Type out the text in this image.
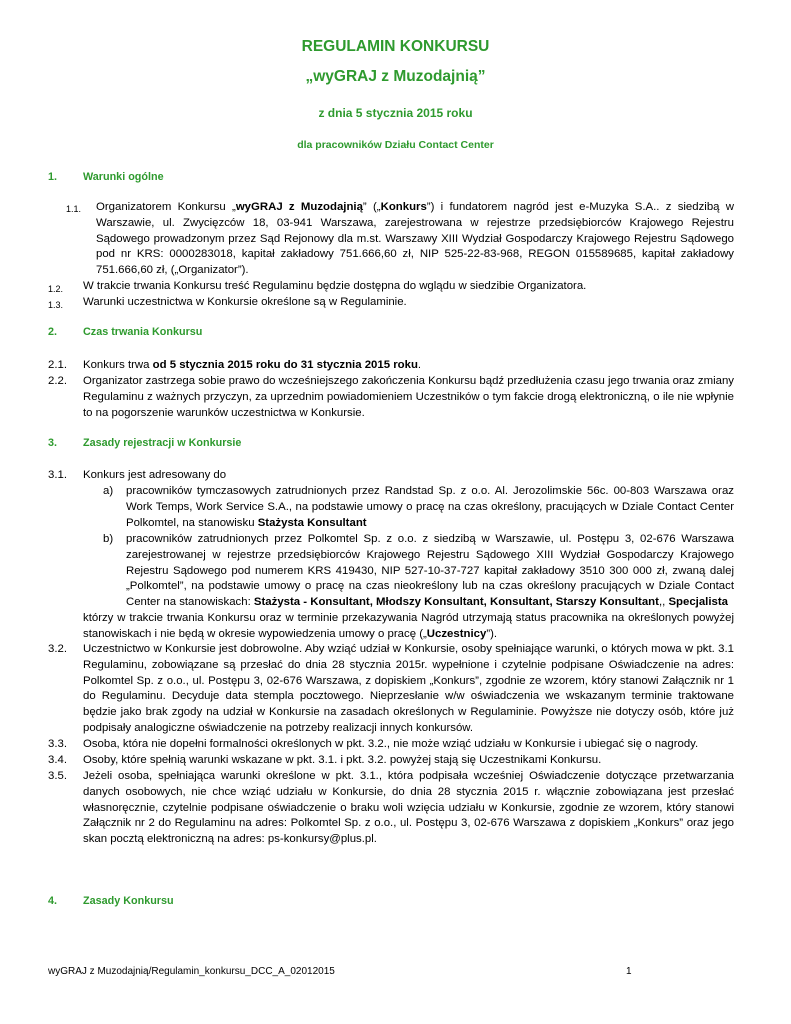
REGULAMIN KONKURSU
„wyGRAJ z Muzodajnią”
z dnia 5 stycznia 2015 roku
dla pracowników Działu Contact Center
1. Warunki ogólne
1.1. Organizatorem Konkursu „wyGRAJ z Muzodajnią” („Konkurs”) i fundatorem nagród jest e-Muzyka S.A.. z siedzibą w Warszawie, ul. Zwycięzców 18, 03-941 Warszawa, zarejestrowana w rejestrze przedsiębiorców Krajowego Rejestru Sądowego prowadzonym przez Sąd Rejonowy dla m.st. Warszawy XIII Wydział Gospodarczy Krajowego Rejestru Sądowego pod nr KRS: 0000283018, kapitał zakładowy 751.666,60 zł, NIP 525-22-83-968, REGON 015589685, kapitał zakładowy 751.666,60 zł, („Organizator”).
1.2. W trakcie trwania Konkursu treść Regulaminu będzie dostępna do wglądu w siedzibie Organizatora.
1.3. Warunki uczestnictwa w Konkursie określone są w Regulaminie.
2. Czas trwania Konkursu
2.1. Konkurs trwa od 5 stycznia 2015 roku do 31 stycznia 2015 roku.
2.2. Organizator zastrzega sobie prawo do wcześniejszego zakończenia Konkursu bądź przedłużenia czasu jego trwania oraz zmiany Regulaminu z ważnych przyczyn, za uprzednim powiadomieniem Uczestników o tym fakcie drogą elektroniczną, o ile nie wpłynie to na pogorszenie warunków uczestnictwa w Konkursie.
3. Zasady rejestracji w Konkursie
3.1. Konkurs jest adresowany do
a) pracowników tymczasowych zatrudnionych przez Randstad Sp. z o.o. Al. Jerozolimskie 56c. 00-803 Warszawa oraz Work Temps, Work Service S.A., na podstawie umowy o pracę na czas określony, pracujących w Dziale Contact Center Polkomtel, na stanowisku Stażysta Konsultant
b) pracowników zatrudnionych przez Polkomtel Sp. z o.o. z siedzibą w Warszawie, ul. Postępu 3, 02-676 Warszawa zarejestrowanej w rejestrze przedsiębiorców Krajowego Rejestru Sądowego XIII Wydział Gospodarczy Krajowego Rejestru Sądowego pod numerem KRS 419430, NIP 527-10-37-727 kapitał zakładowy 3510 300 000 zł, zwaną dalej „Polkomtel”, na podstawie umowy o pracę na czas nieokreślony lub na czas określony pracujących w Dziale Contact Center na stanowiskach: Stażysta - Konsultant, Młodszy Konsultant, Konsultant, Starszy Konsultant,, Specjalista
którzy w trakcie trwania Konkursu oraz w terminie przekazywania Nagród utrzymają status pracownika na określonych powyżej stanowiskach i nie będą w okresie wypowiedzenia umowy o pracę („Uczestnicy”).
3.2. Uczestnictwo w Konkursie jest dobrowolne. Aby wziąć udział w Konkursie, osoby spełniające warunki, o których mowa w pkt. 3.1 Regulaminu, zobowiązane są przesłać do dnia 28 stycznia 2015r. wypełnione i czytelnie podpisane Oświadczenie na adres: Polkomtel Sp. z o.o., ul. Postępu 3, 02-676 Warszawa, z dopiskiem „Konkurs”, zgodnie ze wzorem, który stanowi Załącznik nr 1 do Regulaminu. Decyduje data stempla pocztowego. Nieprzesłanie w/w oświadczenia we wskazanym terminie traktowane będzie jako brak zgody na udział w Konkursie na zasadach określonych w Regulaminie. Powyższe nie dotyczy osób, które już podpisały analogiczne oświadczenie na potrzeby realizacji innych konkursów.
3.3. Osoba, która nie dopełni formalności określonych w pkt. 3.2., nie może wziąć udziału w Konkursie i ubiegać się o nagrody.
3.4. Osoby, które spełnią warunki wskazane w pkt. 3.1. i pkt. 3.2. powyżej stają się Uczestnikami Konkursu.
3.5. Jeżeli osoba, spełniająca warunki określone w pkt. 3.1., która podpisała wcześniej Oświadczenie dotyczące przetwarzania danych osobowych, nie chce wziąć udziału w Konkursie, do dnia 28 stycznia 2015 r. włącznie zobowiązana jest przesłać własnoręcznie, czytelnie podpisane oświadczenie o braku woli wzięcia udziału w Konkursie, zgodnie ze wzorem, który stanowi Załącznik nr 2 do Regulaminu na adres: Polkomtel Sp. z o.o., ul. Postępu 3, 02-676 Warszawa z dopiskiem „Konkurs” oraz jego skan pocztą elektroniczną na adres: ps-konkursy@plus.pl.
4. Zasady Konkursu
wyGRAJ z Muzodajnią/Regulamin_konkursu_DCC_A_02012015	1
